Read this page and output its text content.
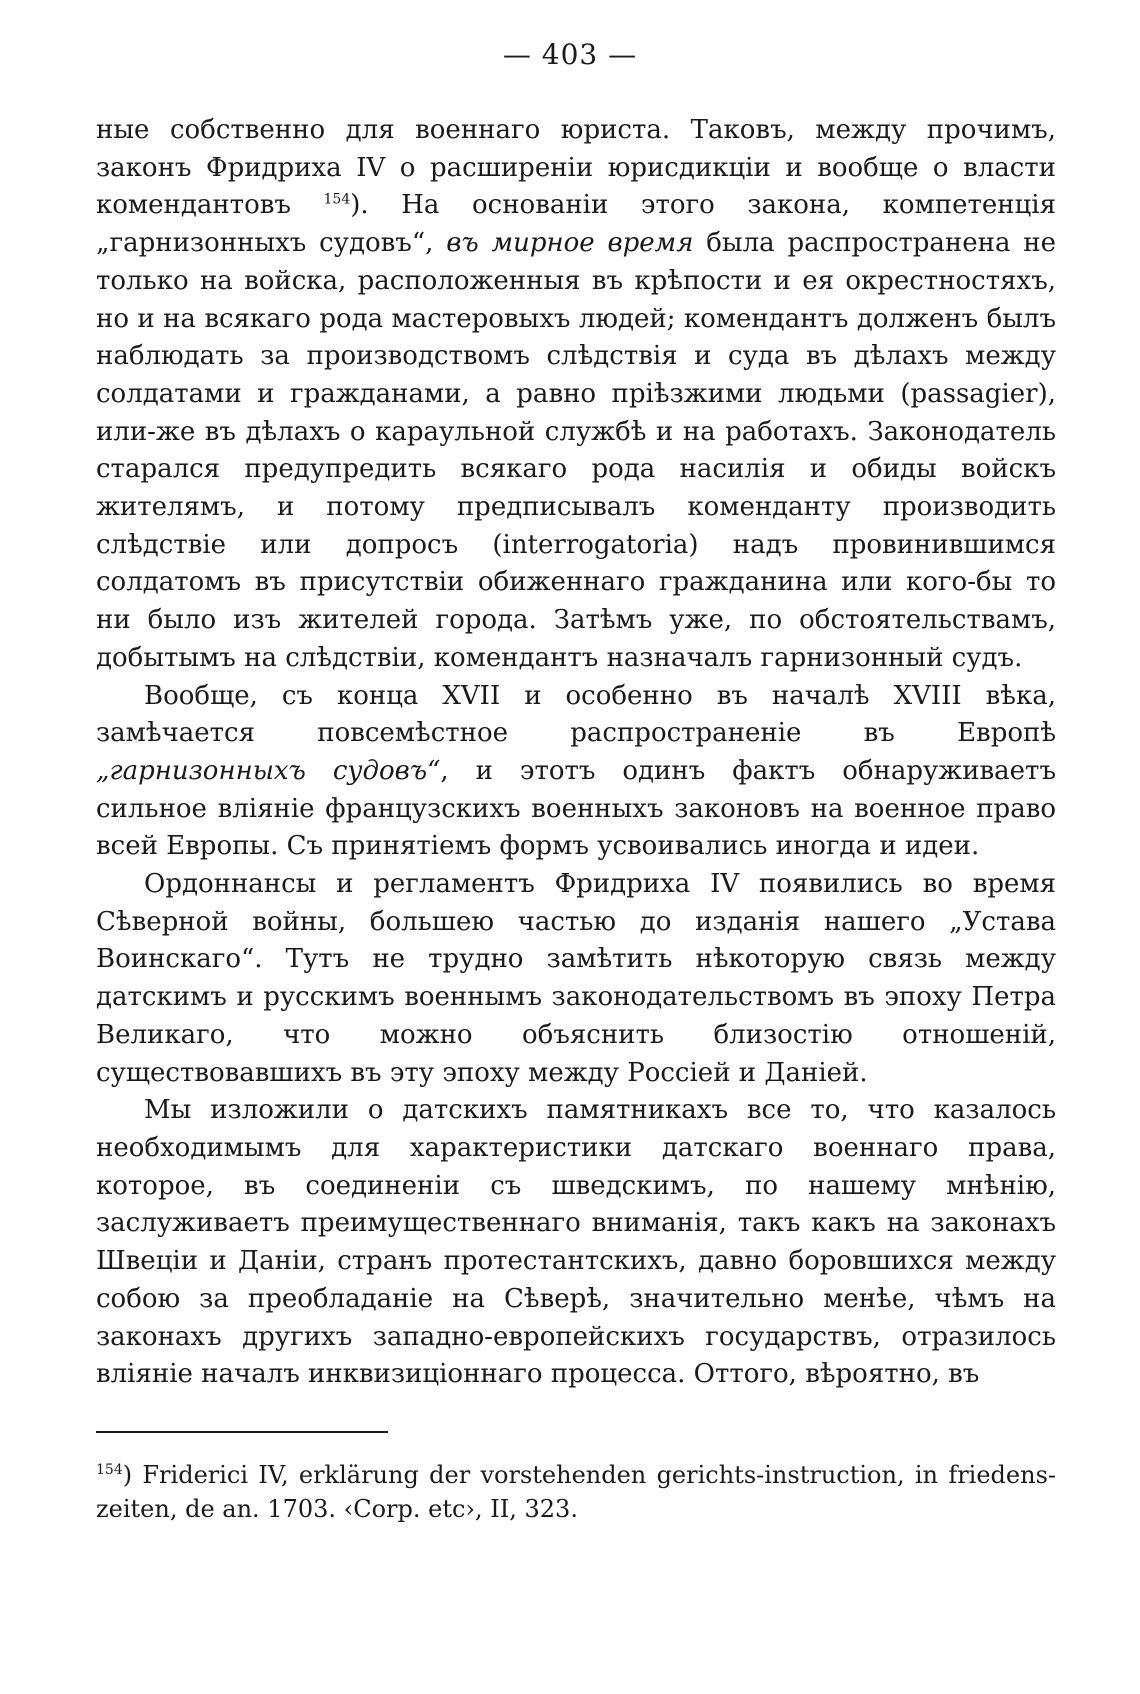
— 403 —

ные собственно для военнаго юриста. Таковъ, между прочимъ, законъ Фридриха IV о расширенiи юрисдикцiи и вообще о власти комендантовъ $^{154}$). На основанiи этого закона, компетенцiя „гарнизонныхъ судовъ“, въ мирное время была распространена не только на войска, расположенныя въ крѣпости и ея окрестностяхъ, но и на всякаго рода мастеровыхъ людей; комендантъ долженъ былъ наблюдать за производствомъ слѣдствiя и суда въ дѣлахъ между солдатами и гражданами, а равно прiѣзжими людьми (passagier), или-же въ дѣлахъ о караульной службѣ и на работахъ. Законодатель старался предупредить всякаго рода насилiя и обиды войскъ жителямъ, и потому предписывалъ коменданту производить слѣдствiе или допросъ (interrogatoria) надъ провинившимся солдатомъ въ присутствiи обиженнаго гражданина или кого-бы то ни было изъ жителей города. Затѣмъ уже, по обстоятельствамъ, добытымъ на слѣдствiи, комендантъ назначалъ гарнизонный судъ.

Вообще, съ конца XVII и особенно въ началѣ XVIII вѣка, замѣчается повсемѣстное распространенiе въ Европѣ „гарнизонныхъ судовъ“, и этотъ одинъ фактъ обнаруживаетъ сильное влiянiе французскихъ военныхъ законовъ на военное право всей Европы. Съ принятiемъ формъ усвоивались иногда и идеи.

Ордоннансы и регламентъ Фридриха IV появились во время Сѣверной войны, большею частью до изданiя нашего „Устава Воинскаго“. Тутъ не трудно замѣтить нѣкоторую связь между датскимъ и русскимъ военнымъ законодательствомъ въ эпоху Петра Великаго, что можно объяснить близостiю отношенiй, существовавшихъ въ эту эпоху между Россiей и Данiей.

Мы изложили о датскихъ памятникахъ все то, что казалось необходимымъ для характеристики датскаго военнаго права, которое, въ соединенiи съ шведскимъ, по нашему мнѣнiю, заслуживаетъ преимущественнаго вниманiя, такъ какъ на законахъ Швецiи и Данiи, странъ протестантскихъ, давно боровшихся между собою за преобладанiе на Сѣверѣ, значительно менѣе, чѣмъ на законахъ другихъ западно-европейскихъ государствъ, отразилось влiянiе началъ инквизицiоннаго процесса. Оттого, вѣроятно, въ

$^{154}$) Friderici IV, erklärung der vorstehenden gerichts-instruction, in friedens-zeiten, de an. 1703. ‹Corp. etc›, II, 323.
